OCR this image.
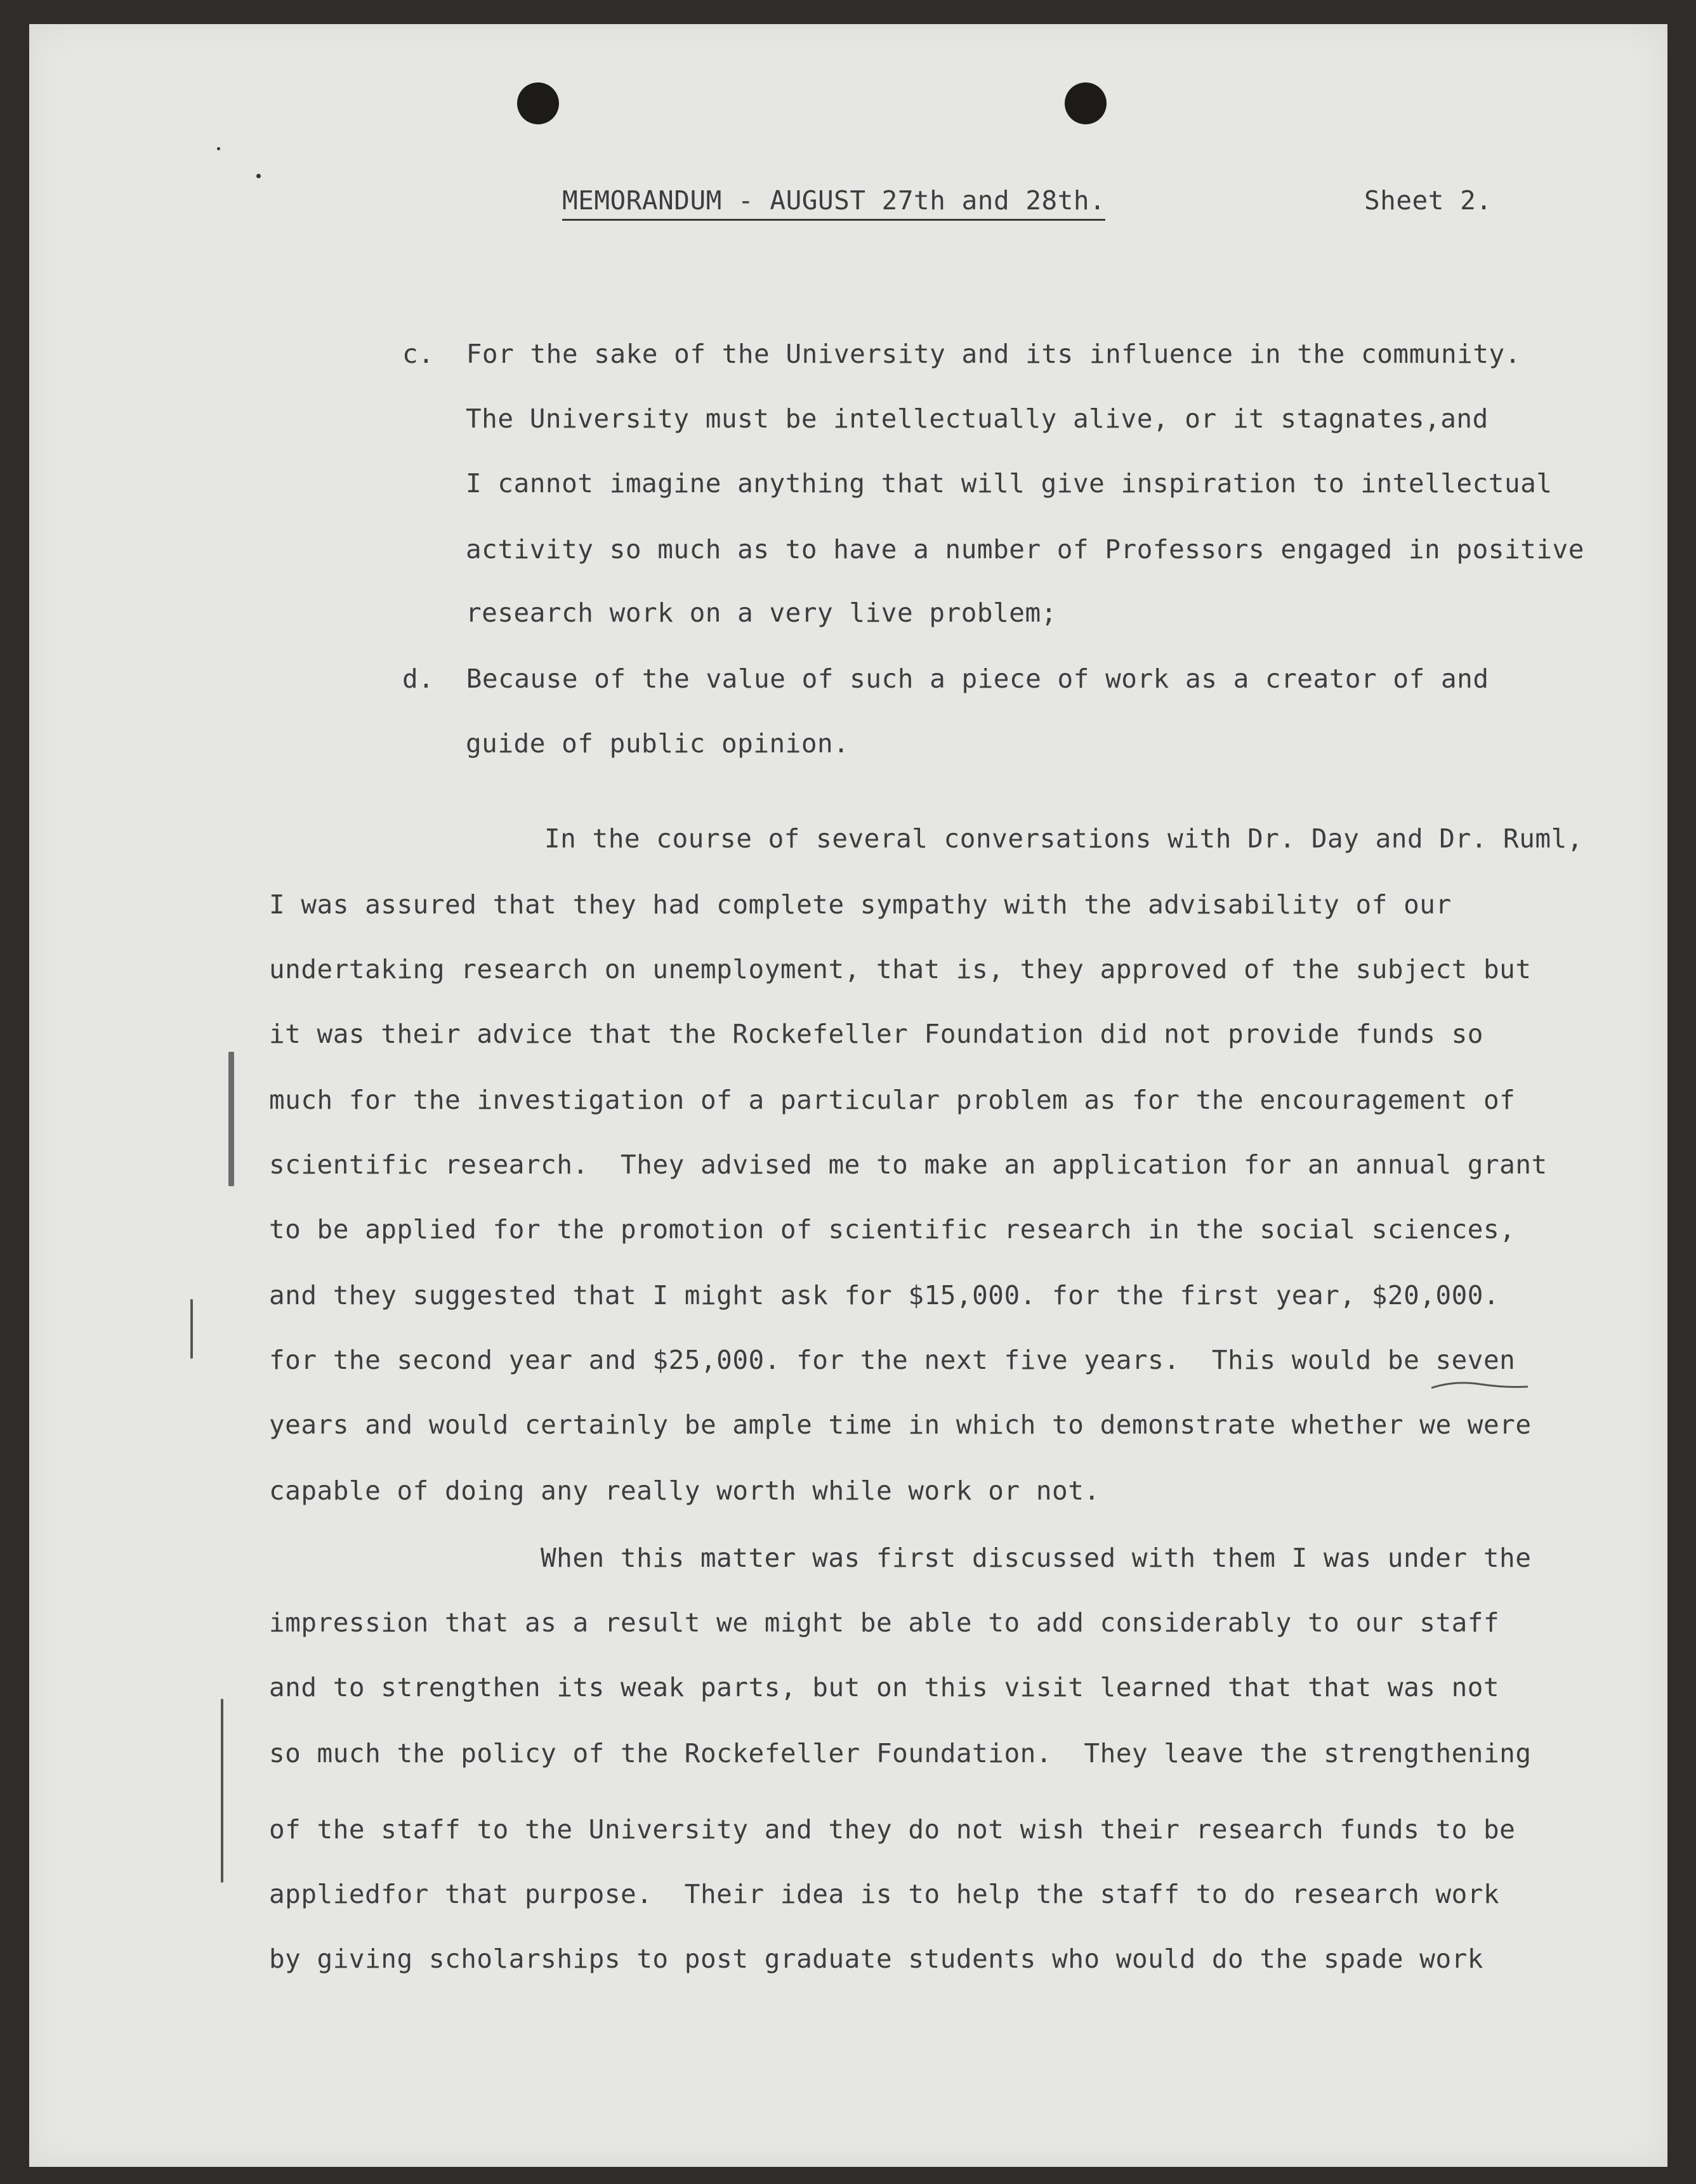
MEMORANDUM - AUGUST 27th and 28th.	Sheet 2.
c.  For the sake of the University and its influence in the community.
The University must be intellectually alive, or it stagnates,and
I cannot imagine anything that will give inspiration to intellectual
activity so much as to have a number of Professors engaged in positive
research work on a very live problem;
d.  Because of the value of such a piece of work as a creator of and
guide of public opinion.
In the course of several conversations with Dr. Day and Dr. Ruml,
I was assured that they had complete sympathy with the advisability of our
undertaking research on unemployment, that is, they approved of the subject but
it was their advice that the Rockefeller Foundation did not provide funds so
much for the investigation of a particular problem as for the encouragement of
scientific research.  They advised me to make an application for an annual grant
to be applied for the promotion of scientific research in the social sciences,
and they suggested that I might ask for $15,000. for the first year, $20,000.
for the second year and $25,000. for the next five years.  This would be seven
years and would certainly be ample time in which to demonstrate whether we were
capable of doing any really worth while work or not.
When this matter was first discussed with them I was under the
impression that as a result we might be able to add considerably to our staff
and to strengthen its weak parts, but on this visit learned that that was not
so much the policy of the Rockefeller Foundation.  They leave the strengthening
of the staff to the University and they do not wish their research funds to be
appliedfor that purpose.  Their idea is to help the staff to do research work
by giving scholarships to post graduate students who would do the spade work
